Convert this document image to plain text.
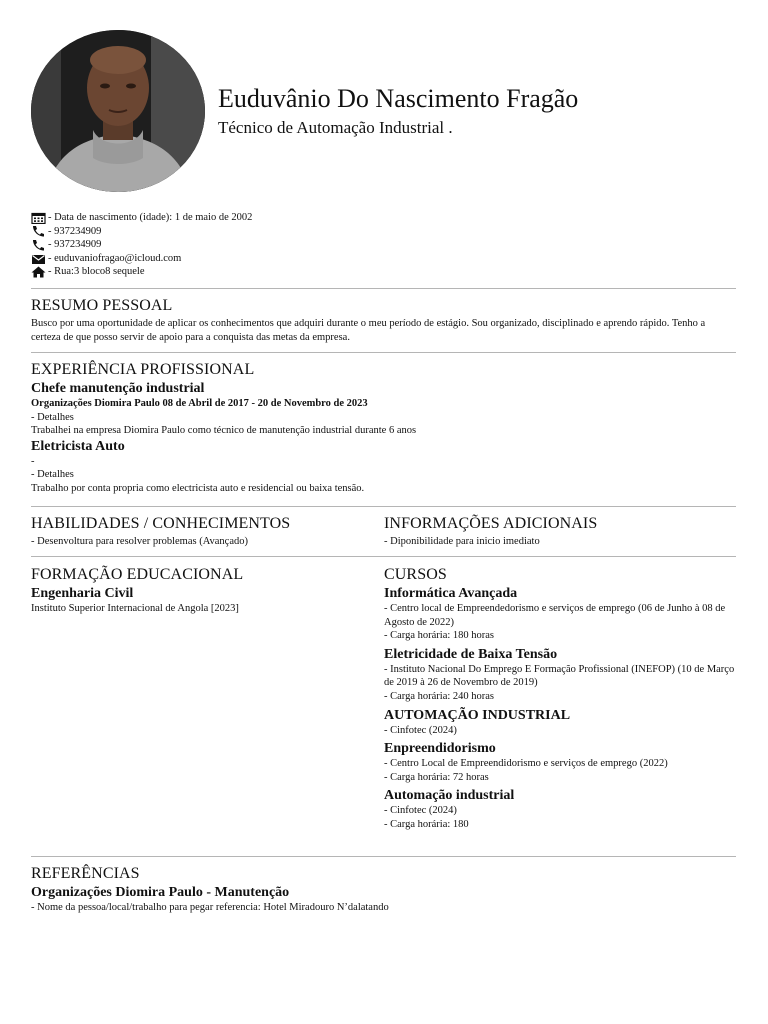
Euduvânio Do Nascimento Fragão
Técnico de Automação Industrial .
- Data de nascimento (idade): 1 de maio de 2002
- 937234909
- 937234909
- euduvaniofragao@icloud.com
- Rua:3 bloco8 sequele
RESUMO PESSOAL
Busco por uma oportunidade de aplicar os conhecimentos que adquiri durante o meu período de estágio. Sou organizado, disciplinado e aprendo rápido. Tenho a certeza de que posso servir de apoio para a conquista das metas da empresa.
EXPERIÊNCIA PROFISSIONAL
Chefe manutenção industrial
Organizações Diomira Paulo 08 de Abril de 2017 - 20 de Novembro de 2023
- Detalhes
Trabalhei na empresa Diomira Paulo como técnico de manutenção industrial durante 6 anos
Eletricista Auto
-
- Detalhes
Trabalho por conta propria como electricista auto e residencial ou baixa tensão.
HABILIDADES / CONHECIMENTOS
- Desenvoltura para resolver problemas (Avançado)
INFORMAÇÕES ADICIONAIS
- Diponibilidade para inicio imediato
FORMAÇÃO EDUCACIONAL
Engenharia Civil
Instituto Superior Internacional de Angola [2023]
CURSOS
Informática Avançada
- Centro local de Empreendedorismo e serviços de emprego (06 de Junho à 08 de Agosto de 2022)
- Carga horária: 180 horas
Eletricidade de Baixa Tensão
- Instituto Nacional Do Emprego E Formação Profissional (INEFOP) (10 de Março de 2019 à 26 de Novembro de 2019)
- Carga horária: 240 horas
AUTOMAÇÃO INDUSTRIAL
- Cinfotec (2024)
Enpreendidorismo
- Centro Local de Empreendidorismo e serviços de emprego (2022)
- Carga horária: 72 horas
Automação industrial
- Cinfotec (2024)
- Carga horária: 180
REFERÊNCIAS
Organizações Diomira Paulo - Manutenção
- Nome da pessoa/local/trabalho para pegar referencia: Hotel Miradouro N’dalatando
